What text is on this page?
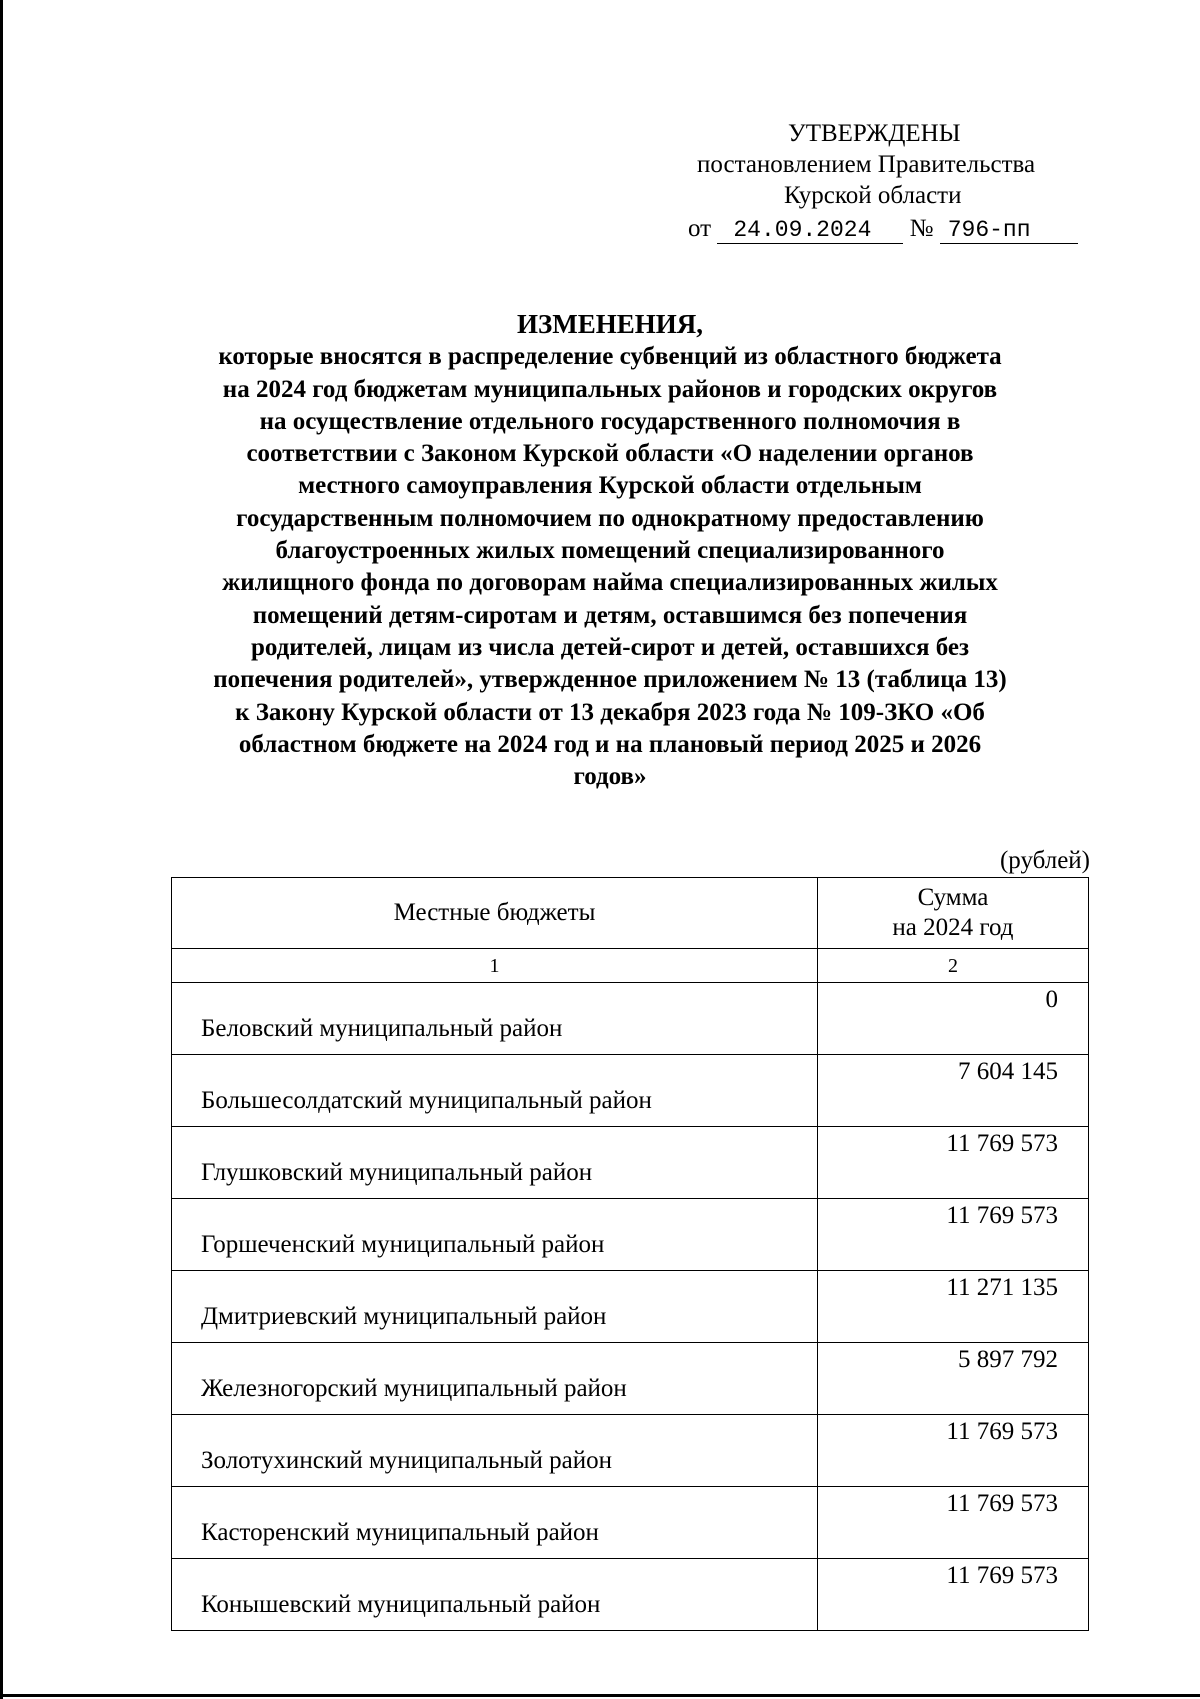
УТВЕРЖДЕНЫ
постановлением Правительства
Курской области
от 24.09.2024 № 796-пп
ИЗМЕНЕНИЯ,
которые вносятся в распределение субвенций из областного бюджета
на 2024 год бюджетам муниципальных районов и городских округов
на осуществление отдельного государственного полномочия в
соответствии с Законом Курской области «О наделении органов
местного самоуправления Курской области отдельным
государственным полномочием по однократному предоставлению
благоустроенных жилых помещений специализированного
жилищного фонда по договорам найма специализированных жилых
помещений детям-сиротам и детям, оставшимся без попечения
родителей, лицам из числа детей-сирот и детей, оставшихся без
попечения родителей», утвержденное приложением № 13 (таблица 13)
к Закону Курской области от 13 декабря 2023 года № 109-ЗКО «Об
областном бюджете на 2024 год и на плановый период 2025 и 2026
годов»
(рублей)
Местные бюджеты	Сумма
на 2024 год

1	2
Беловский муниципальный район	0
Большесолдатский муниципальный район	7 604 145
Глушковский муниципальный район	11 769 573
Горшеченский муниципальный район	11 769 573
Дмитриевский муниципальный район	11 271 135
Железногорский муниципальный район	5 897 792
Золотухинский муниципальный район	11 769 573
Касторенский муниципальный район	11 769 573
Конышевский муниципальный район	11 769 573
